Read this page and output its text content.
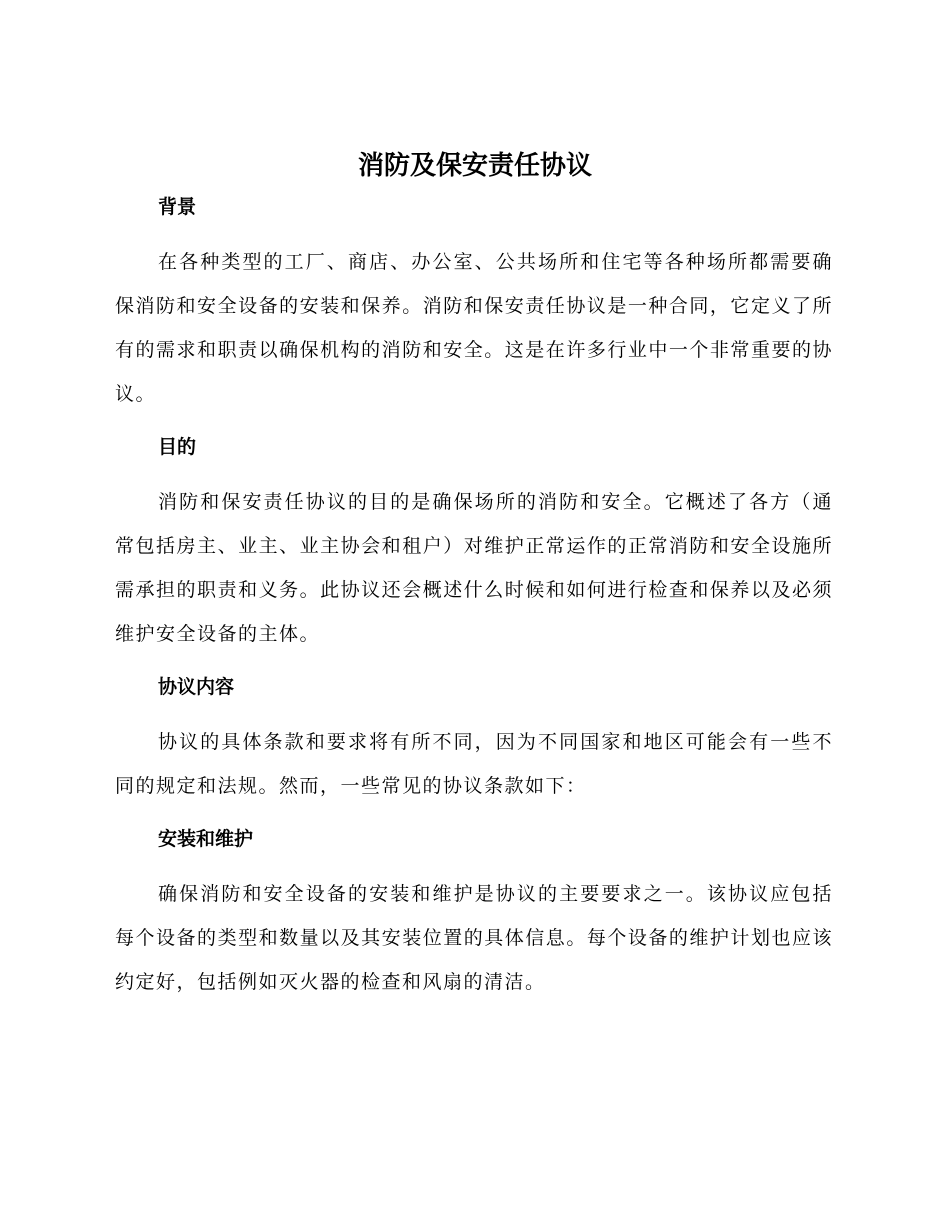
消防及保安责任协议
背景

在各种类型的工厂、商店、办公室、公共场所和住宅等各种场所都需要确保消防和安全设备的安装和保养。消防和保安责任协议是一种合同，它定义了所有的需求和职责以确保机构的消防和安全。这是在许多行业中一个非常重要的协议。

目的

消防和保安责任协议的目的是确保场所的消防和安全。它概述了各方（通常包括房主、业主、业主协会和租户）对维护正常运作的正常消防和安全设施所需承担的职责和义务。此协议还会概述什么时候和如何进行检查和保养以及必须维护安全设备的主体。

协议内容

协议的具体条款和要求将有所不同，因为不同国家和地区可能会有一些不同的规定和法规。然而，一些常见的协议条款如下：

安装和维护

确保消防和安全设备的安装和维护是协议的主要要求之一。该协议应包括每个设备的类型和数量以及其安装位置的具体信息。每个设备的维护计划也应该约定好，包括例如灭火器的检查和风扇的清洁。
